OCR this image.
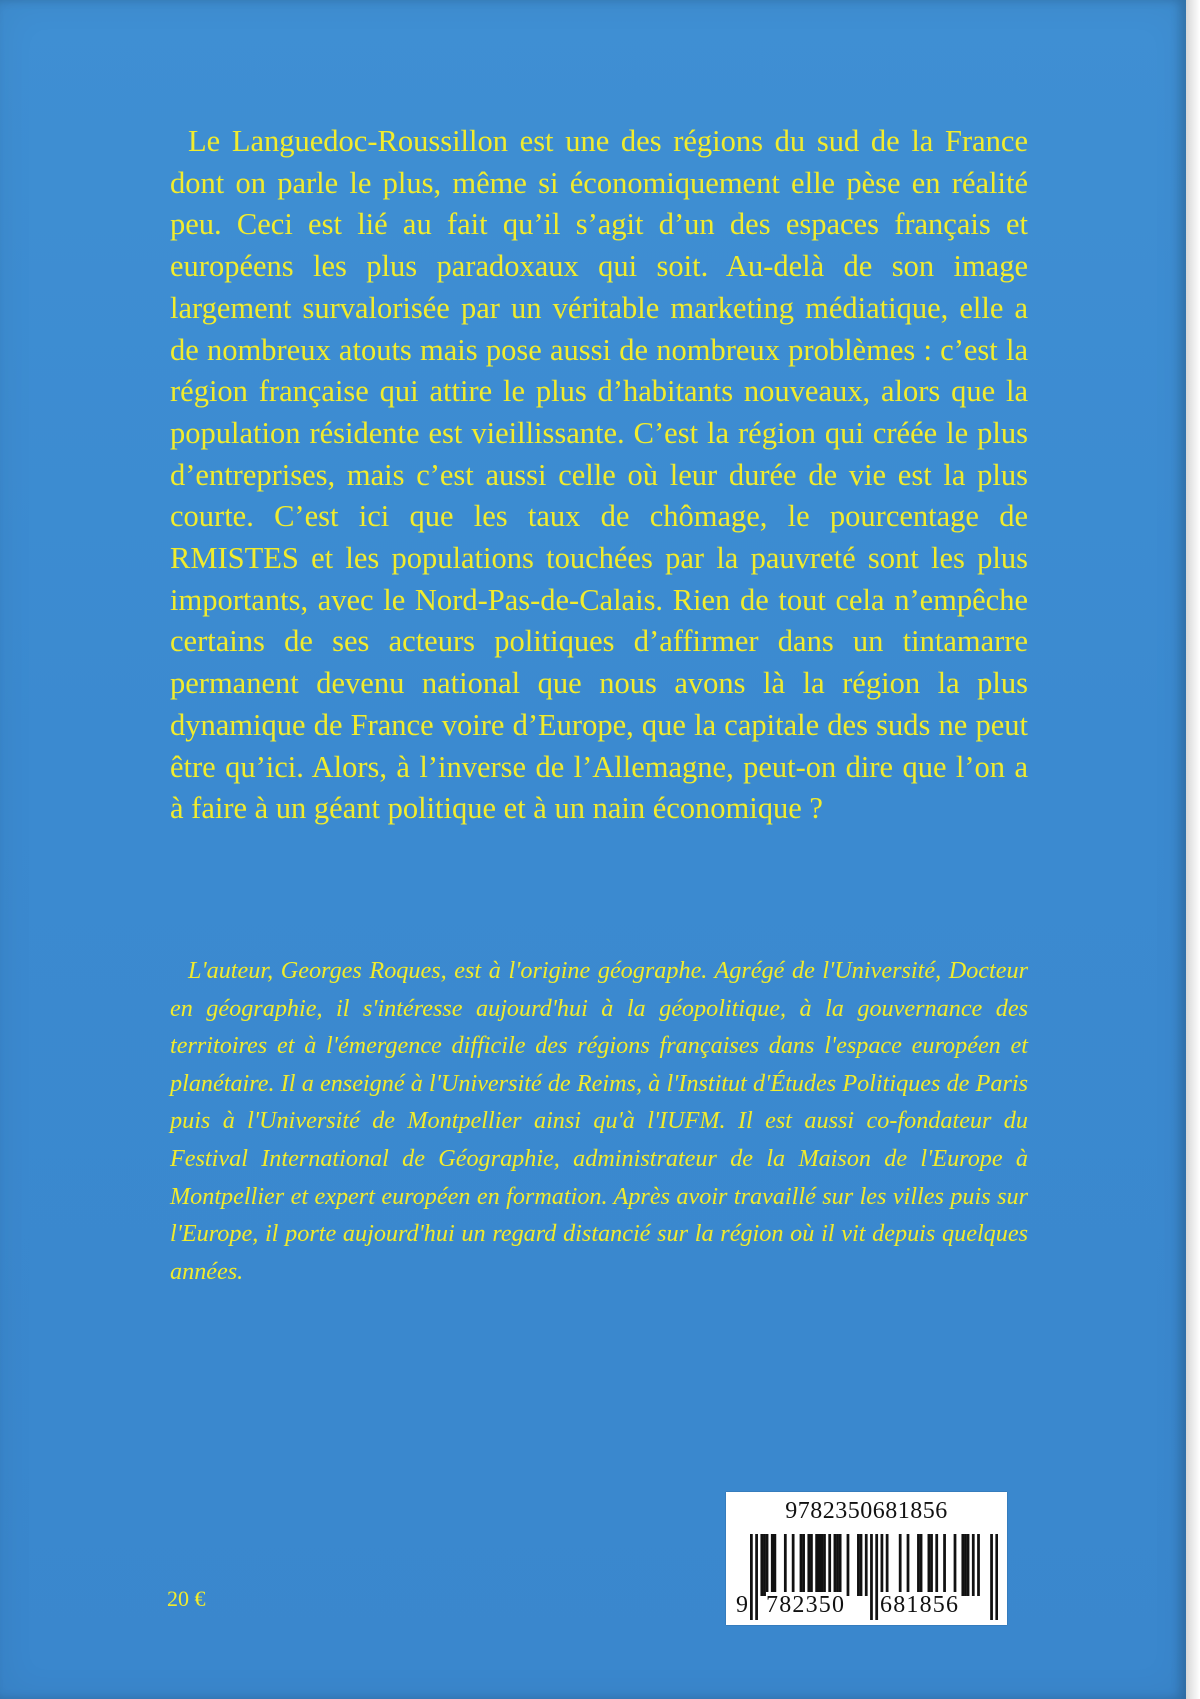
Le Languedoc-Roussillon est une des régions du sud de la France dont on parle le plus, même si économiquement elle pèse en réalité peu. Ceci est lié au fait qu’il s’agit d’un des espaces français et européens les plus paradoxaux qui soit. Au-delà de son image largement survalorisée par un véritable marketing médiatique, elle a de nombreux atouts mais pose aussi de nombreux problèmes : c’est la région française qui attire le plus d’habitants nouveaux, alors que la population résidente est vieillissante. C’est la région qui créée le plus d’entreprises, mais c’est aussi celle où leur durée de vie est la plus courte. C’est ici que les taux de chômage, le pourcentage de RMISTES et les populations touchées par la pauvreté sont les plus importants, avec le Nord-Pas-de-Calais. Rien de tout cela n’empêche certains de ses acteurs politiques d’affirmer dans un tintamarre permanent devenu national que nous avons là la région la plus dynamique de France voire d’Europe, que la capitale des suds ne peut être qu’ici. Alors, à l’inverse de l’Allemagne, peut-on dire que l’on a à faire à un géant politique et à un nain économique ?

L'auteur, Georges Roques, est à l'origine géographe. Agrégé de l'Université, Docteur en géographie, il s'intéresse aujourd'hui à la géopolitique, à la gouvernance des territoires et à l'émergence difficile des régions françaises dans l'espace européen et planétaire. Il a enseigné à l'Université de Reims, à l'Institut d'Études Politiques de Paris puis à l'Université de Montpellier ainsi qu'à l'IUFM. Il est aussi co-fondateur du Festival International de Géographie, administrateur de la Maison de l'Europe à Montpellier et expert européen en formation. Après avoir travaillé sur les villes puis sur l'Europe, il porte aujourd'hui un regard distancié sur la région où il vit depuis quelques années.

20 €
9782350681856
9 782350 681856
